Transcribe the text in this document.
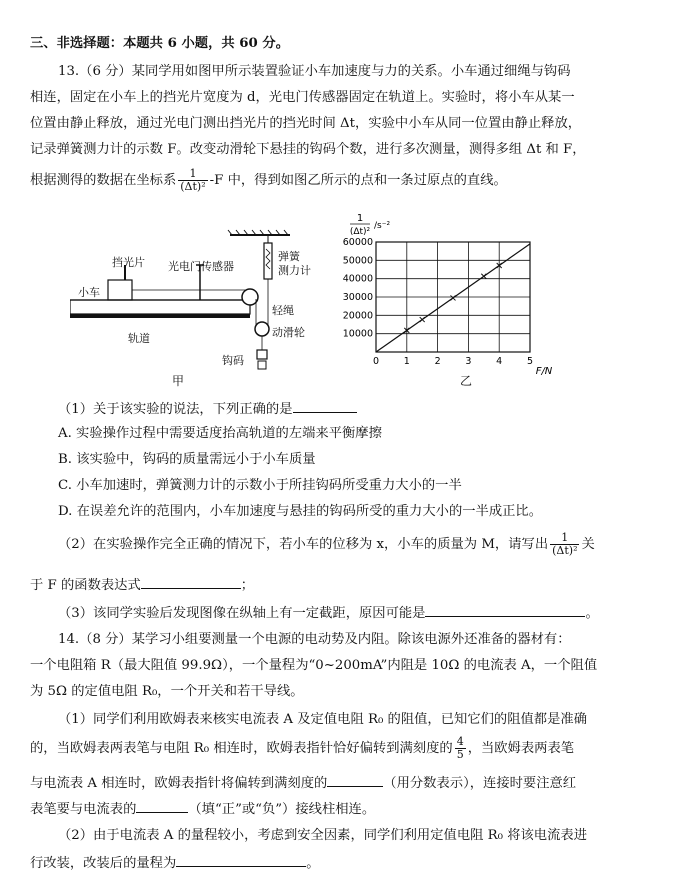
三、非选择题：本题共 6 小题，共 60 分。
13.（6 分）某同学用如图甲所示装置验证小车加速度与力的关系。小车通过细绳与钩码
相连，固定在小车上的挡光片宽度为 d，光电门传感器固定在轨道上。实验时，将小车从某一
位置由静止释放，通过光电门测出挡光片的挡光时间 Δt，实验中小车从同一位置由静止释放，
记录弹簧测力计的示数 F。改变动滑轮下悬挂的钩码个数，进行多次测量，测得多组 Δt 和 F，
根据测得的数据在坐标系 $\frac{1}{\text{(Δt)²}} -F$ 中，得到如图乙所示的点和一条过原点的直线。
挡光片 光电门传感器
小车
轨道
弹簧
测力计
轻绳
动滑轮
钩码
甲
0	1	2	3	4	5
10000
20000
30000
40000
50000
60000
1
(Δt)²
/s⁻²
F/N
乙
（1）关于该实验的说法，下列正确的是
A. 实验操作过程中需要适度抬高轨道的左端来平衡摩擦
B. 该实验中，钩码的质量需远小于小车质量
C. 小车加速时，弹簧测力计的示数小于所挂钩码所受重力大小的一半
D. 在误差允许的范围内，小车加速度与悬挂的钩码所受的重力大小的一半成正比。
（2）在实验操作完全正确的情况下，若小车的位移为 x，小车的质量为 M，请写出 $\frac{1}{\text{(Δt)²}}$ 关
于 F 的函数表达式	；
（3）该同学实验后发现图像在纵轴上有一定截距，原因可能是	。
14.（8 分）某学习小组要测量一个电源的电动势及内阻。除该电源外还准备的器材有：
一个电阻箱 R（最大阻值 99.9Ω），一个量程为“0~200mA”内阻是 10Ω 的电流表 A，一个阻值
为 5Ω 的定值电阻 R₀，一个开关和若干导线。
（1）同学们利用欧姆表来核实电流表 A 及定值电阻 R₀ 的阻值，已知它们的阻值都是准确
的，当欧姆表两表笔与电阻 R₀ 相连时，欧姆表指针恰好偏转到满刻度的 $\frac{4}{5}$ ，当欧姆表两表笔
与电流表 A 相连时，欧姆表指针将偏转到满刻度的	（用分数表示），连接时要注意红
表笔要与电流表的	（填“正”或“负”）接线柱相连。
（2）由于电流表 A 的量程较小，考虑到安全因素，同学们利用定值电阻 R₀ 将该电流表进
行改装，改装后的量程为	。
